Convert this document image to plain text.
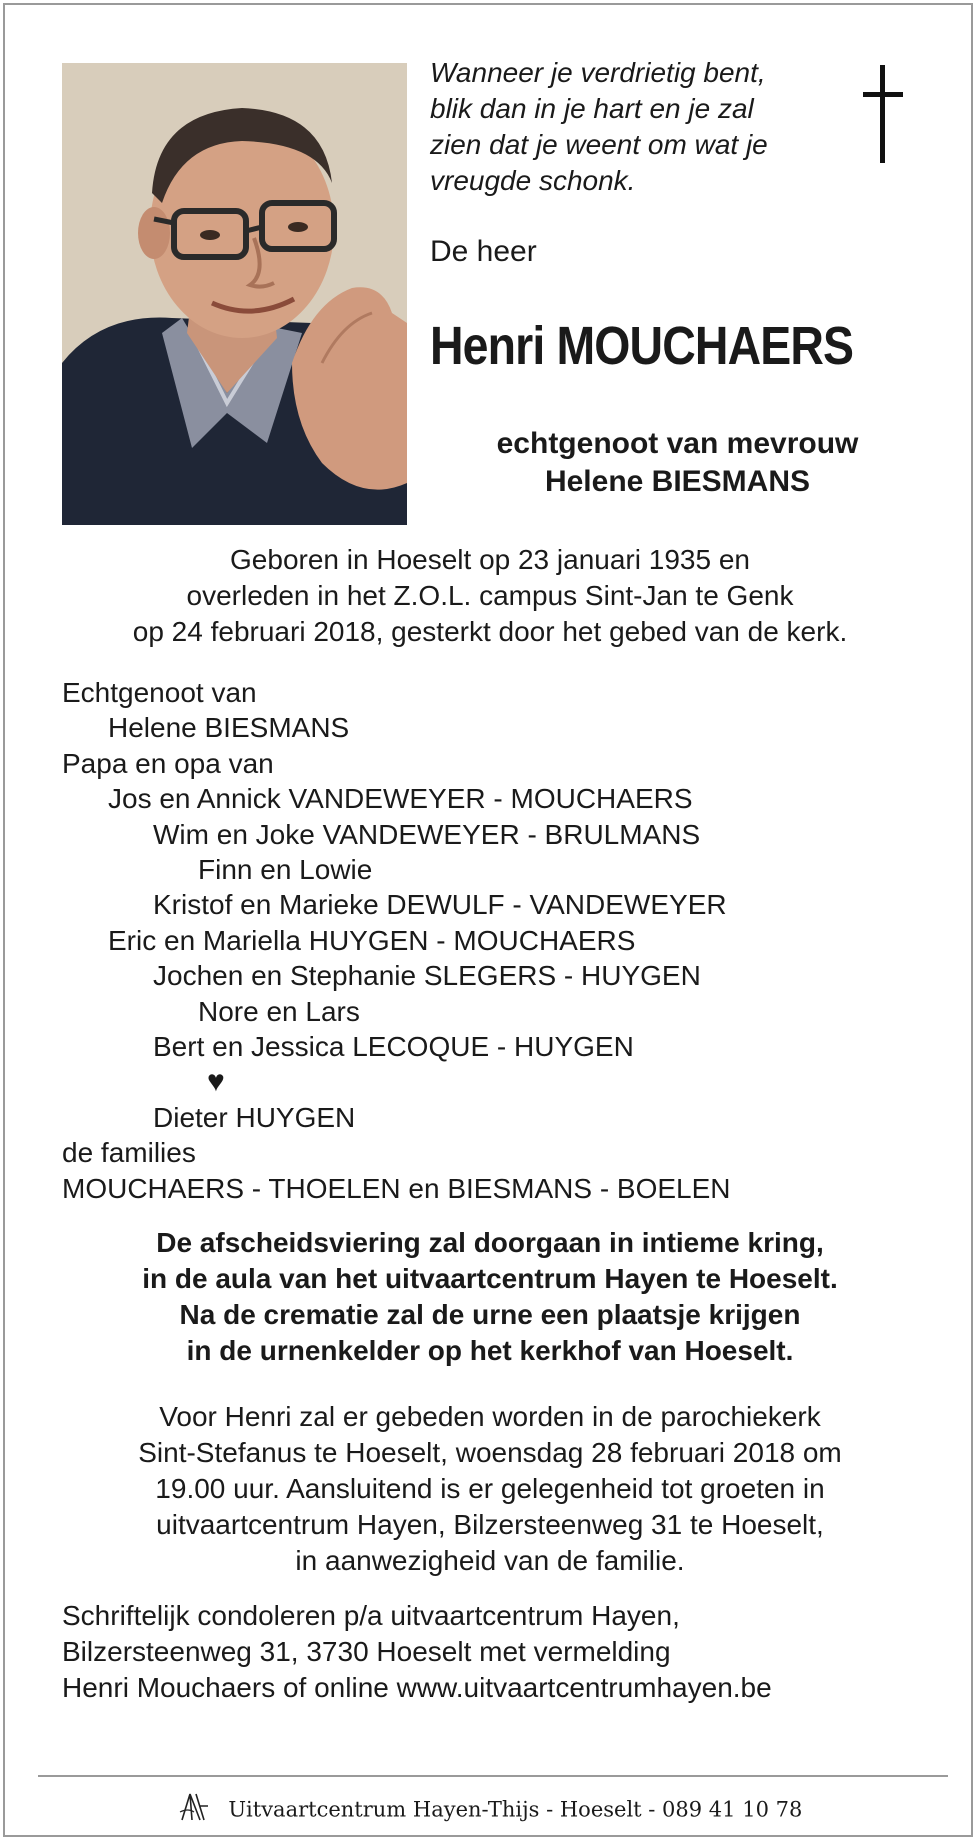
Wanneer je verdrietig bent,
blik dan in je hart en je zal
zien dat je weent om wat je
vreugde schonk.
De heer
Henri MOUCHAERS
echtgenoot van mevrouw
Helene BIESMANS
Geboren in Hoeselt op 23 januari 1935 en
overleden in het Z.O.L. campus Sint-Jan te Genk
op 24 februari 2018, gesterkt door het gebed van de kerk.
Echtgenoot van
Helene BIESMANS
Papa en opa van
Jos en Annick VANDEWEYER - MOUCHAERS
Wim en Joke VANDEWEYER - BRULMANS
Finn en Lowie
Kristof en Marieke DEWULF - VANDEWEYER
Eric en Mariella HUYGEN - MOUCHAERS
Jochen en Stephanie SLEGERS - HUYGEN
Nore en Lars
Bert en Jessica LECOQUE - HUYGEN
♥
Dieter HUYGEN
de families
MOUCHAERS - THOELEN en BIESMANS - BOELEN
De afscheidsviering zal doorgaan in intieme kring,
in de aula van het uitvaartcentrum Hayen te Hoeselt.
Na de crematie zal de urne een plaatsje krijgen
in de urnenkelder op het kerkhof van Hoeselt.
Voor Henri zal er gebeden worden in de parochiekerk
Sint-Stefanus te Hoeselt, woensdag 28 februari 2018 om
19.00 uur. Aansluitend is er gelegenheid tot groeten in
uitvaartcentrum Hayen, Bilzersteenweg 31 te Hoeselt,
in aanwezigheid van de familie.
Schriftelijk condoleren p/a uitvaartcentrum Hayen,
Bilzersteenweg 31, 3730 Hoeselt met vermelding
Henri Mouchaers of online www.uitvaartcentrumhayen.be
Uitvaartcentrum Hayen-Thijs - Hoeselt - 089 41 10 78
